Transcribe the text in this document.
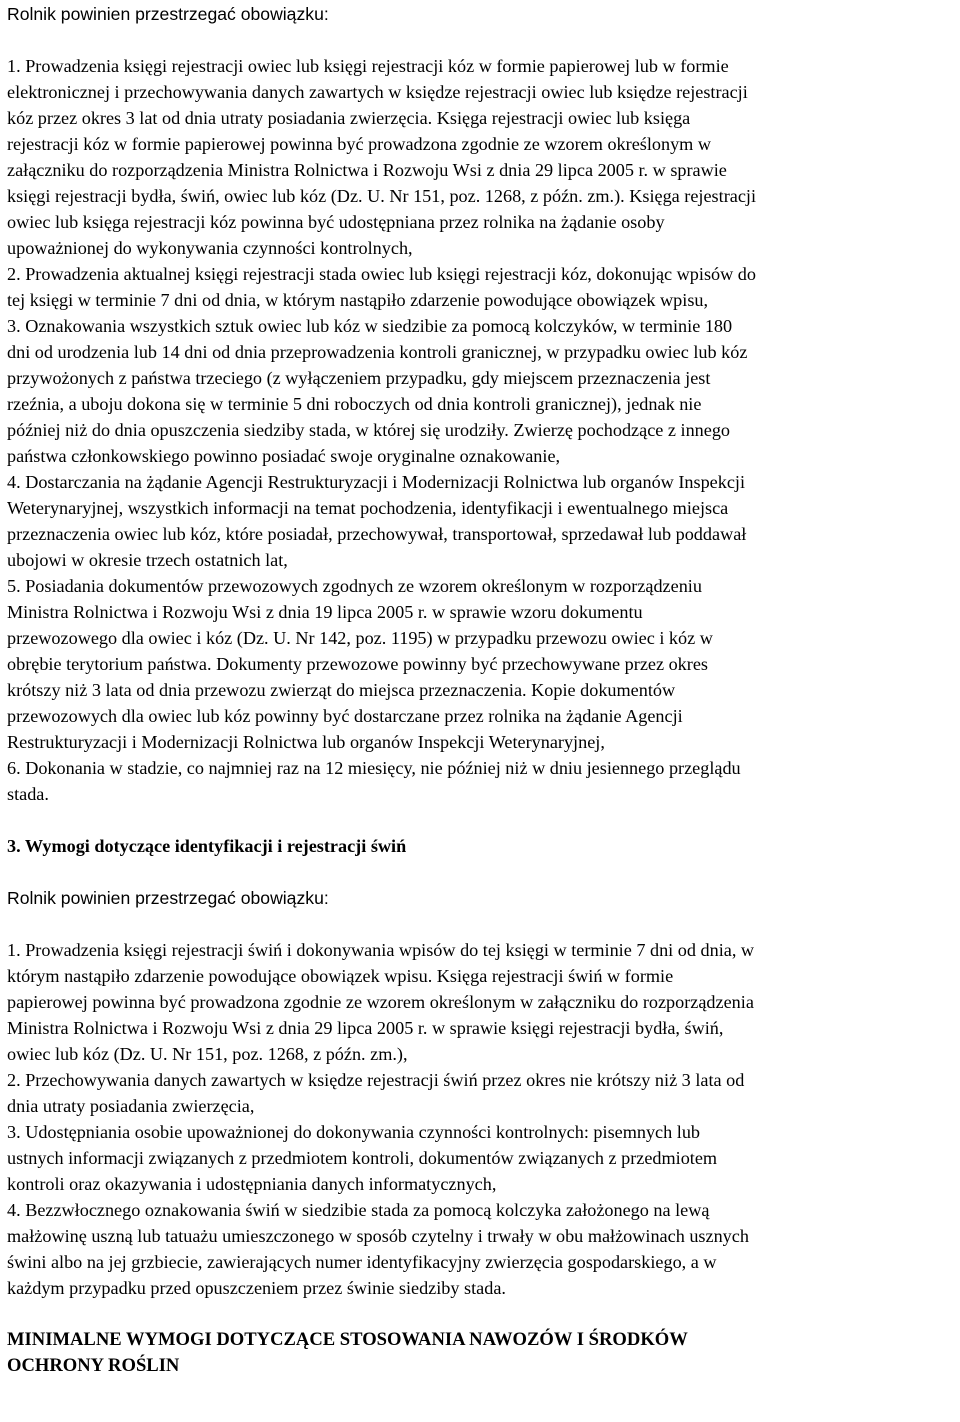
Rolnik powinien przestrzegać obowiązku:
1. Prowadzenia księgi rejestracji owiec lub księgi rejestracji kóz w formie papierowej lub w formie
elektronicznej i przechowywania danych zawartych w księdze rejestracji owiec lub księdze rejestracji
kóz przez okres 3 lat od dnia utraty posiadania zwierzęcia. Księga rejestracji owiec lub księga
rejestracji kóz w formie papierowej powinna być prowadzona zgodnie ze wzorem określonym w
załączniku do rozporządzenia Ministra Rolnictwa i Rozwoju Wsi z dnia 29 lipca 2005 r. w sprawie
księgi rejestracji bydła, świń, owiec lub kóz (Dz. U. Nr 151, poz. 1268, z późn. zm.). Księga rejestracji
owiec lub księga rejestracji kóz powinna być udostępniana przez rolnika na żądanie osoby
upoważnionej do wykonywania czynności kontrolnych,
2. Prowadzenia aktualnej księgi rejestracji stada owiec lub księgi rejestracji kóz, dokonując wpisów do
tej księgi w terminie 7 dni od dnia, w którym nastąpiło zdarzenie powodujące obowiązek wpisu,
3. Oznakowania wszystkich sztuk owiec lub kóz w siedzibie za pomocą kolczyków, w terminie 180
dni od urodzenia lub 14 dni od dnia przeprowadzenia kontroli granicznej, w przypadku owiec lub kóz
przywożonych z państwa trzeciego (z wyłączeniem przypadku, gdy miejscem przeznaczenia jest
rzeźnia, a uboju dokona się w terminie 5 dni roboczych od dnia kontroli granicznej), jednak nie
później niż do dnia opuszczenia siedziby stada, w której się urodziły. Zwierzę pochodzące z innego
państwa członkowskiego powinno posiadać swoje oryginalne oznakowanie,
4. Dostarczania na żądanie Agencji Restrukturyzacji i Modernizacji Rolnictwa lub organów Inspekcji
Weterynaryjnej, wszystkich informacji na temat pochodzenia, identyfikacji i ewentualnego miejsca
przeznaczenia owiec lub kóz, które posiadał, przechowywał, transportował, sprzedawał lub poddawał
ubojowi w okresie trzech ostatnich lat,
5. Posiadania dokumentów przewozowych zgodnych ze wzorem określonym w rozporządzeniu
Ministra Rolnictwa i Rozwoju Wsi z dnia 19 lipca 2005 r. w sprawie wzoru dokumentu
przewozowego dla owiec i kóz (Dz. U. Nr 142, poz. 1195) w przypadku przewozu owiec i kóz w
obrębie terytorium państwa. Dokumenty przewozowe powinny być przechowywane przez okres
krótszy niż 3 lata od dnia przewozu zwierząt do miejsca przeznaczenia. Kopie dokumentów
przewozowych dla owiec lub kóz powinny być dostarczane przez rolnika na żądanie Agencji
Restrukturyzacji i Modernizacji Rolnictwa lub organów Inspekcji Weterynaryjnej,
6. Dokonania w stadzie, co najmniej raz na 12 miesięcy, nie później niż w dniu jesiennego przeglądu
stada.
3. Wymogi dotyczące identyfikacji i rejestracji świń
Rolnik powinien przestrzegać obowiązku:
1. Prowadzenia księgi rejestracji świń i dokonywania wpisów do tej księgi w terminie 7 dni od dnia, w
którym nastąpiło zdarzenie powodujące obowiązek wpisu. Księga rejestracji świń w formie
papierowej powinna być prowadzona zgodnie ze wzorem określonym w załączniku do rozporządzenia
Ministra Rolnictwa i Rozwoju Wsi z dnia 29 lipca 2005 r. w sprawie księgi rejestracji bydła, świń,
owiec lub kóz (Dz. U. Nr 151, poz. 1268, z późn. zm.),
2. Przechowywania danych zawartych w księdze rejestracji świń przez okres nie krótszy niż 3 lata od
dnia utraty posiadania zwierzęcia,
3. Udostępniania osobie upoważnionej do dokonywania czynności kontrolnych: pisemnych lub
ustnych informacji związanych z przedmiotem kontroli, dokumentów związanych z przedmiotem
kontroli oraz okazywania i udostępniania danych informatycznych,
4. Bezzwłocznego oznakowania świń w siedzibie stada za pomocą kolczyka założonego na lewą
małżowinę uszną lub tatuażu umieszczonego w sposób czytelny i trwały w obu małżowinach usznych
świni albo na jej grzbiecie, zawierających numer identyfikacyjny zwierzęcia gospodarskiego, a w
każdym przypadku przed opuszczeniem przez świnie siedziby stada.
MINIMALNE WYMOGI DOTYCZĄCE STOSOWANIA NAWOZÓW I ŚRODKÓW
OCHRONY ROŚLIN
